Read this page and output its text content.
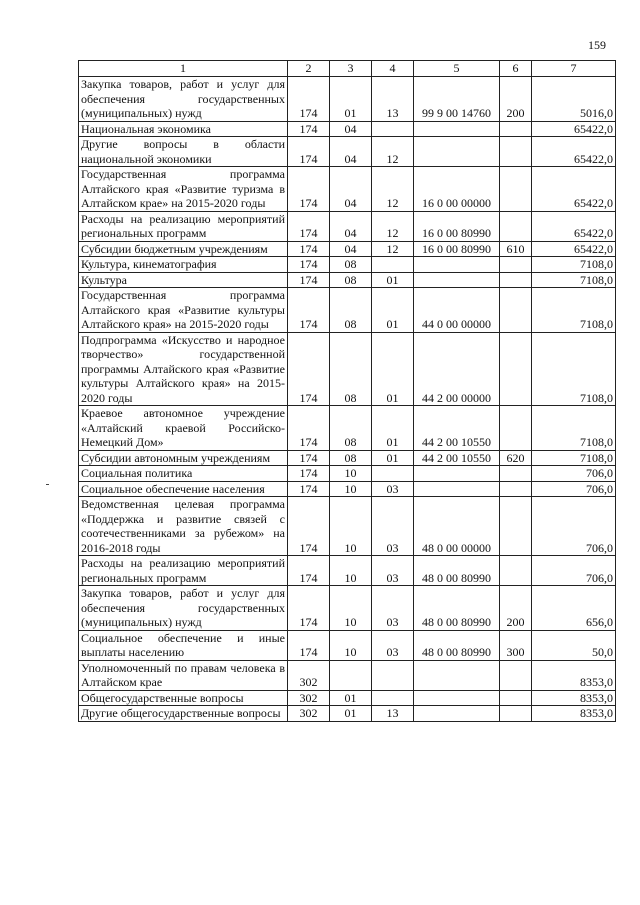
159
1	2	3	4	5	6	7
Закупка товаров, работ и услуг для обеспечения государственных (муниципальных) нужд	174	01	13	99 9 00 14760	200	5016,0
Национальная экономика	174	04				65422,0
Другие вопросы в области национальной экономики	174	04	12			65422,0
Государственная программа Алтайского края «Развитие туризма в Алтайском крае» на 2015-2020 годы	174	04	12	16 0 00 00000		65422,0
Расходы на реализацию мероприятий региональных программ	174	04	12	16 0 00 80990		65422,0
Субсидии бюджетным учреждениям	174	04	12	16 0 00 80990	610	65422,0
Культура, кинематография	174	08				7108,0
Культура	174	08	01			7108,0
Государственная программа Алтайского края «Развитие культуры Алтайского края» на 2015-2020 годы	174	08	01	44 0 00 00000		7108,0
Подпрограмма «Искусство и народное творчество» государственной программы Алтайского края «Развитие культуры Алтайского края» на 2015-2020 годы	174	08	01	44 2 00 00000		7108,0
Краевое автономное учреждение «Алтайский краевой Российско-Немецкий Дом»	174	08	01	44 2 00 10550		7108,0
Субсидии автономным учреждениям	174	08	01	44 2 00 10550	620	7108,0
Социальная политика	174	10				706,0
Социальное обеспечение населения	174	10	03			706,0
Ведомственная целевая программа «Поддержка и развитие связей с соотечественниками за рубежом» на 2016-2018 годы	174	10	03	48 0 00 00000		706,0
Расходы на реализацию мероприятий региональных программ	174	10	03	48 0 00 80990		706,0
Закупка товаров, работ и услуг для обеспечения государственных (муниципальных) нужд	174	10	03	48 0 00 80990	200	656,0
Социальное обеспечение и иные выплаты населению	174	10	03	48 0 00 80990	300	50,0
Уполномоченный по правам человека в Алтайском крае	302					8353,0
Общегосударственные вопросы	302	01				8353,0
Другие общегосударственные вопросы	302	01	13			8353,0
